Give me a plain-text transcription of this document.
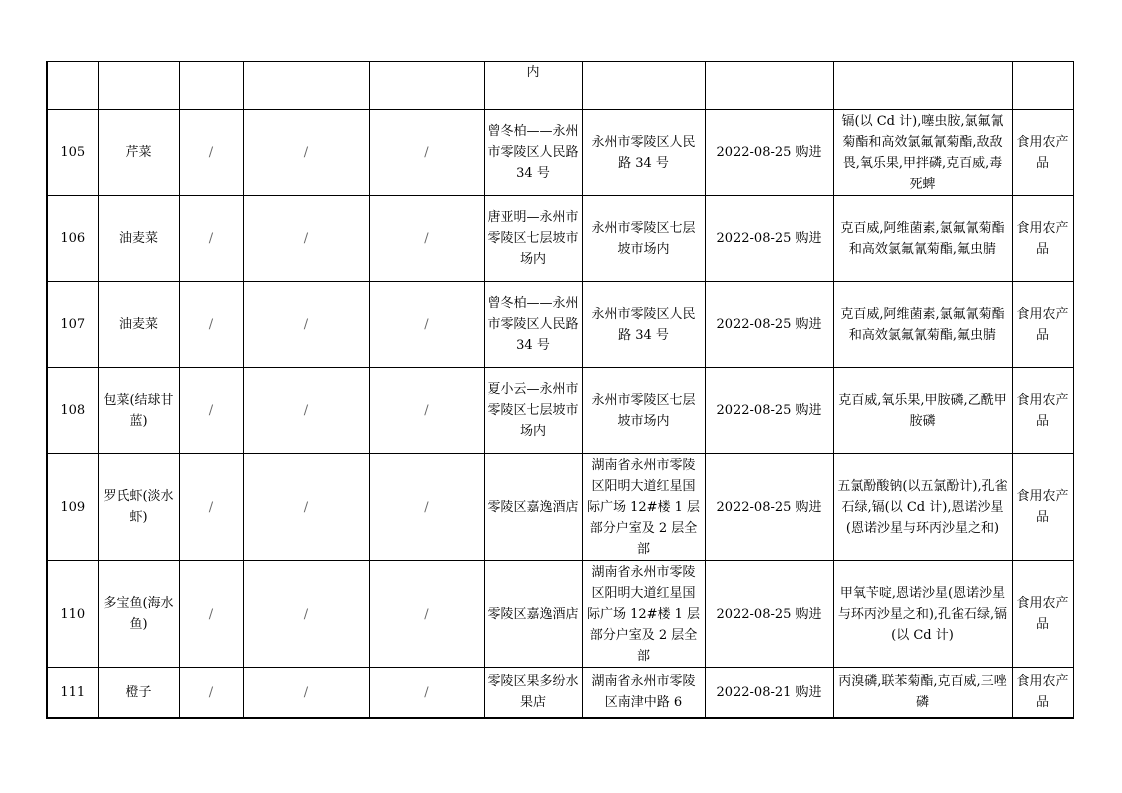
					内				
105	芹菜	/	/	/	曾冬柏——永州市零陵区人民路 34 号	永州市零陵区人民路 34 号	2022-08-25 购进	镉(以 Cd 计),噻虫胺,氯氟氰菊酯和高效氯氟氰菊酯,敌敌畏,氧乐果,甲拌磷,克百威,毒死蜱	食用农产品
106	油麦菜	/	/	/	唐亚明—永州市零陵区七层坡市场内	永州市零陵区七层坡市场内	2022-08-25 购进	克百威,阿维菌素,氯氟氰菊酯和高效氯氟氰菊酯,氟虫腈	食用农产品
107	油麦菜	/	/	/	曾冬柏——永州市零陵区人民路 34 号	永州市零陵区人民路 34 号	2022-08-25 购进	克百威,阿维菌素,氯氟氰菊酯和高效氯氟氰菊酯,氟虫腈	食用农产品
108	包菜(结球甘蓝)	/	/	/	夏小云—永州市零陵区七层坡市场内	永州市零陵区七层坡市场内	2022-08-25 购进	克百威,氧乐果,甲胺磷,乙酰甲胺磷	食用农产品
109	罗氏虾(淡水虾)	/	/	/	零陵区嘉逸酒店	湖南省永州市零陵区阳明大道红星国际广场 12#楼 1 层部分户室及 2 层全部	2022-08-25 购进	五氯酚酸钠(以五氯酚计),孔雀石绿,镉(以 Cd 计),恩诺沙星(恩诺沙星与环丙沙星之和)	食用农产品
110	多宝鱼(海水鱼)	/	/	/	零陵区嘉逸酒店	湖南省永州市零陵区阳明大道红星国际广场 12#楼 1 层部分户室及 2 层全部	2022-08-25 购进	甲氧苄啶,恩诺沙星(恩诺沙星与环丙沙星之和),孔雀石绿,镉(以 Cd 计)	食用农产品
111	橙子	/	/	/	零陵区果多纷水果店	湖南省永州市零陵区南津中路 6	2022-08-21 购进	丙溴磷,联苯菊酯,克百威,三唑磷	食用农产品
